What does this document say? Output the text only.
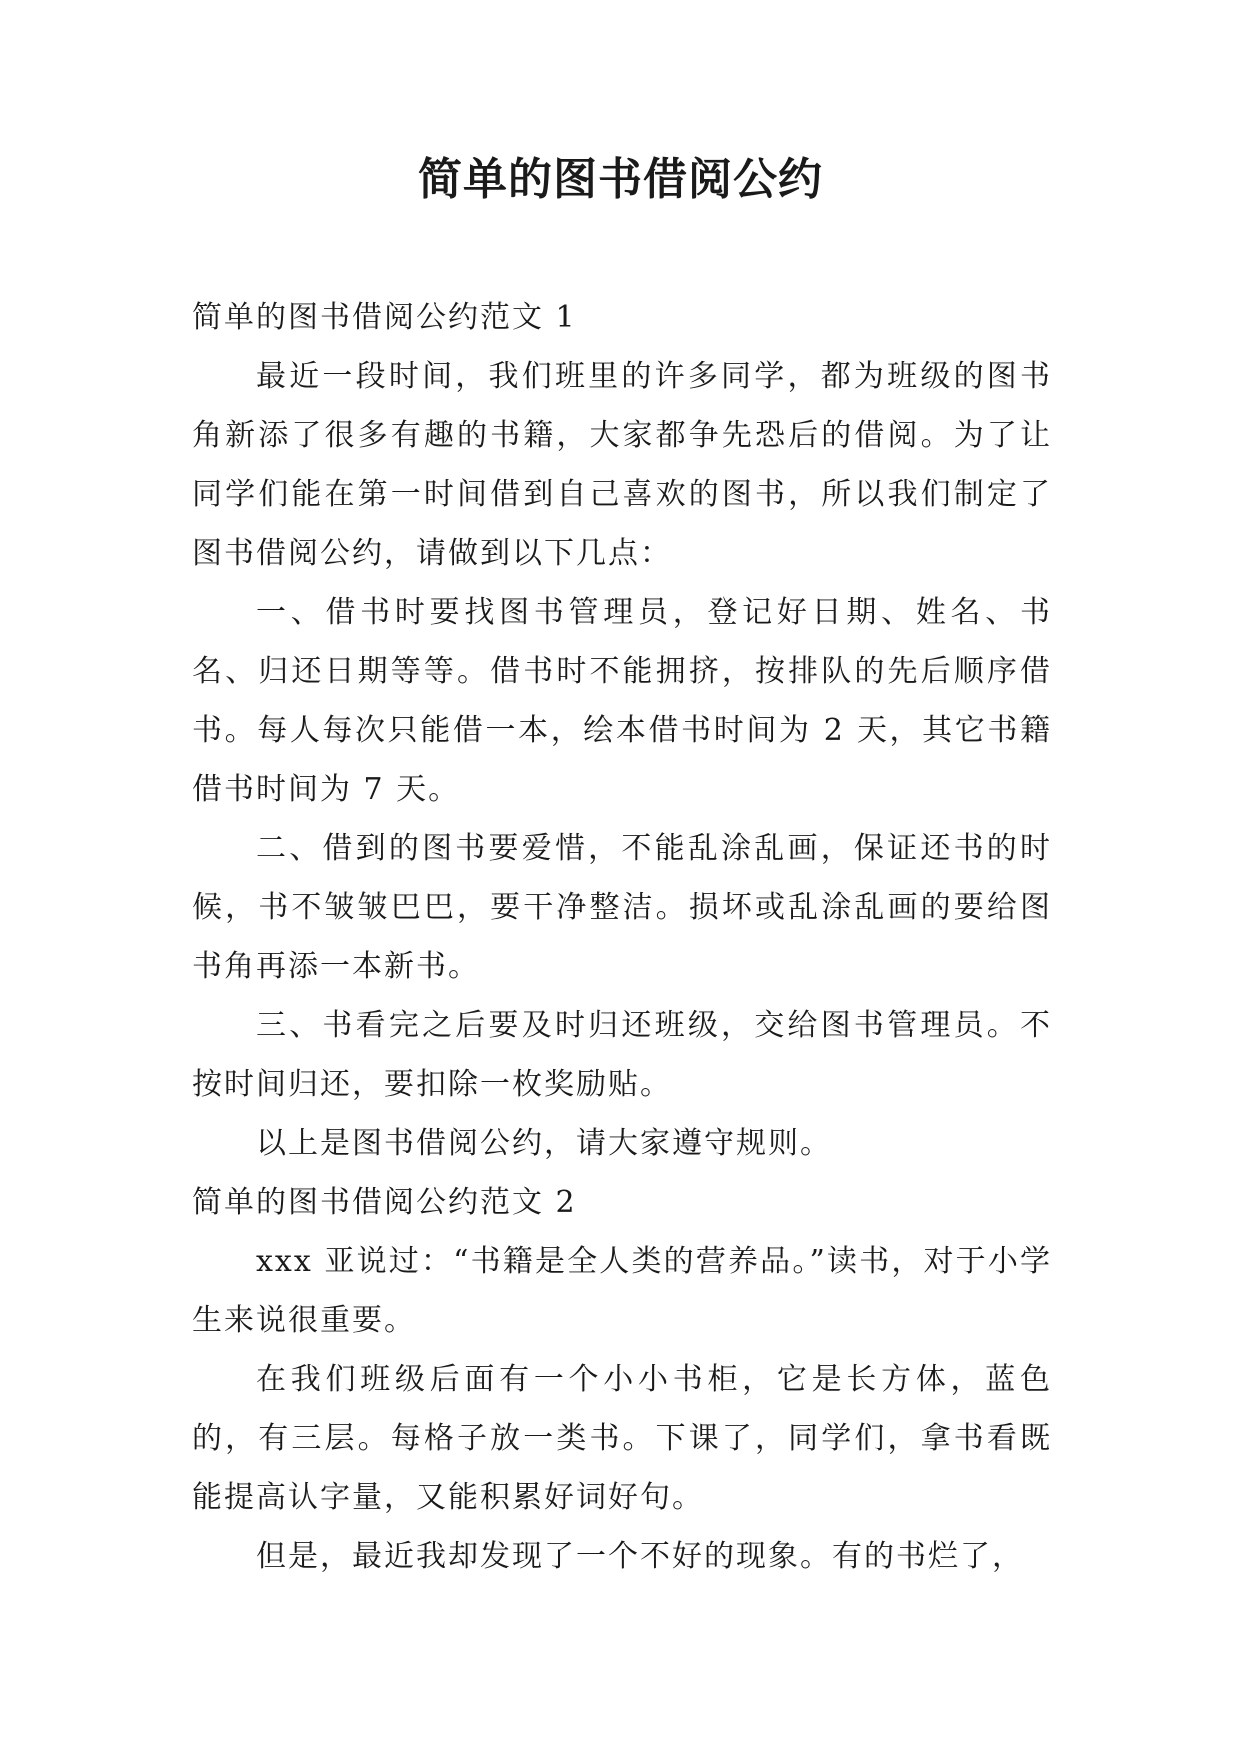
简单的图书借阅公约

简单的图书借阅公约范文 1

最近一段时间，我们班里的许多同学，都为班级的图书角新添了很多有趣的书籍，大家都争先恐后的借阅。为了让同学们能在第一时间借到自己喜欢的图书，所以我们制定了图书借阅公约，请做到以下几点：

一、借书时要找图书管理员，登记好日期、姓名、书名、归还日期等等。借书时不能拥挤，按排队的先后顺序借书。每人每次只能借一本，绘本借书时间为 2 天，其它书籍借书时间为 7 天。

二、借到的图书要爱惜，不能乱涂乱画，保证还书的时候，书不皱皱巴巴，要干净整洁。损坏或乱涂乱画的要给图书角再添一本新书。

三、书看完之后要及时归还班级，交给图书管理员。不按时间归还，要扣除一枚奖励贴。

以上是图书借阅公约，请大家遵守规则。

简单的图书借阅公约范文 2

xxx 亚说过：“书籍是全人类的营养品。”读书，对于小学生来说很重要。

在我们班级后面有一个小小书柜，它是长方体，蓝色的，有三层。每格子放一类书。下课了，同学们，拿书看既能提高认字量，又能积累好词好句。

但是，最近我却发现了一个不好的现象。有的书烂了，
